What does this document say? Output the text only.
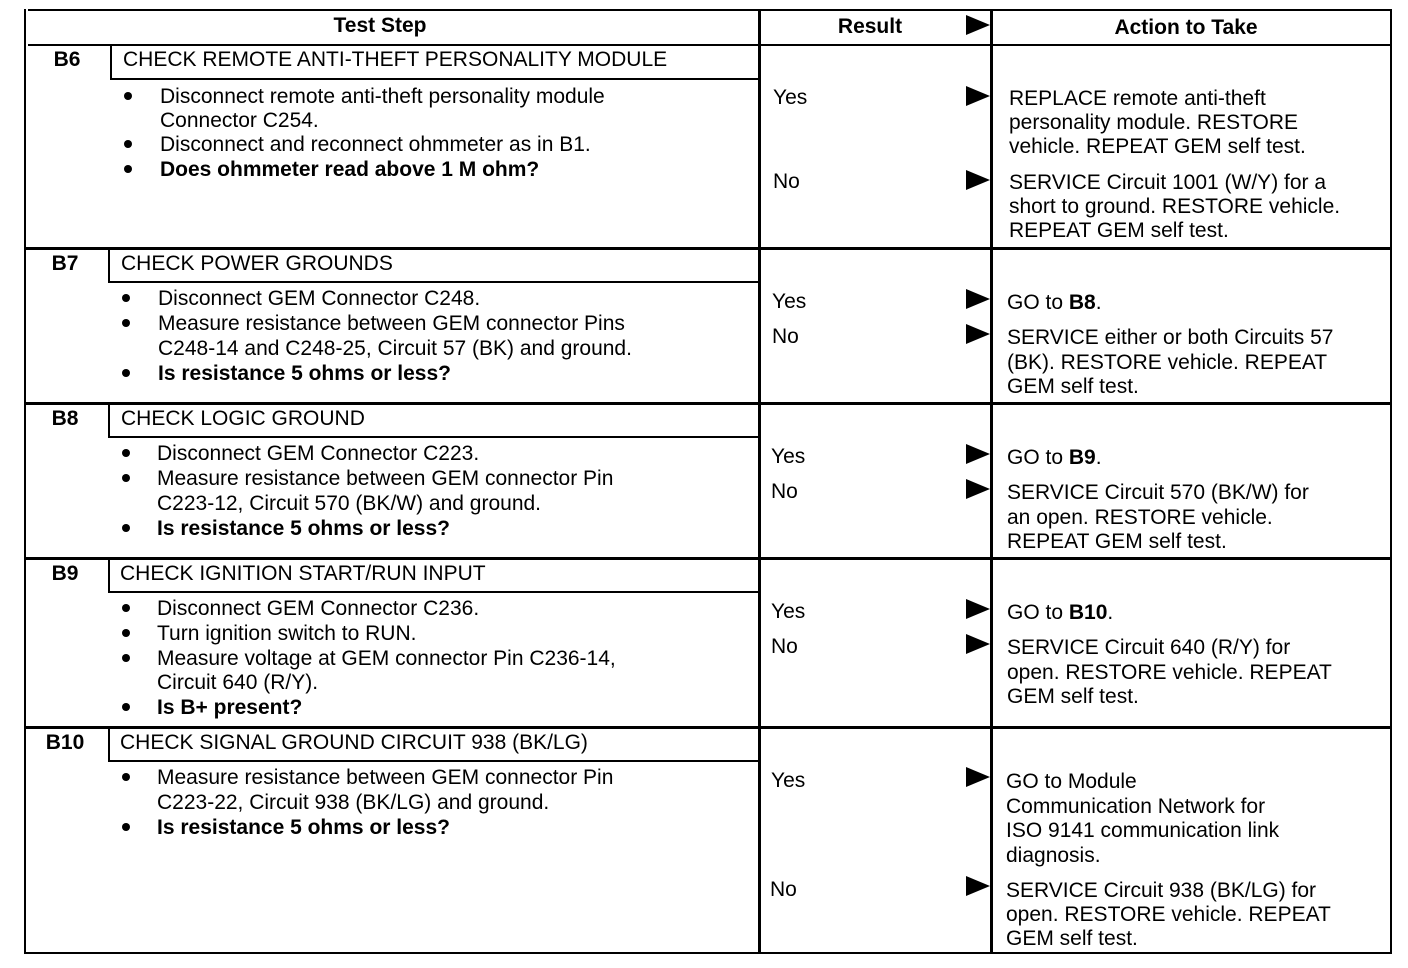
Test Step	Result	Action to Take
B6	CHECK REMOTE ANTI-THEFT PERSONALITY MODULE
Disconnect remote anti-theft personality module
Connector C254.
Disconnect and reconnect ohmmeter as in B1.
Does ohmmeter read above 1 M ohm?
Yes	REPLACE remote anti-theft
personality module. RESTORE
vehicle. REPEAT GEM self test.
No	SERVICE Circuit 1001 (W/Y) for a
short to ground. RESTORE vehicle.
REPEAT GEM self test.
B7	CHECK POWER GROUNDS
Disconnect GEM Connector C248.
Measure resistance between GEM connector Pins
C248-14 and C248-25, Circuit 57 (BK) and ground.
Is resistance 5 ohms or less?
Yes	GO to B8.
No	SERVICE either or both Circuits 57
(BK). RESTORE vehicle. REPEAT
GEM self test.
B8	CHECK LOGIC GROUND
Disconnect GEM Connector C223.
Measure resistance between GEM connector Pin
C223-12, Circuit 570 (BK/W) and ground.
Is resistance 5 ohms or less?
Yes	GO to B9.
No	SERVICE Circuit 570 (BK/W) for
an open. RESTORE vehicle.
REPEAT GEM self test.
B9	CHECK IGNITION START/RUN INPUT
Disconnect GEM Connector C236.
Turn ignition switch to RUN.
Measure voltage at GEM connector Pin C236-14,
Circuit 640 (R/Y).
Is B+ present?
Yes	GO to B10.
No	SERVICE Circuit 640 (R/Y) for
open. RESTORE vehicle. REPEAT
GEM self test.
B10	CHECK SIGNAL GROUND CIRCUIT 938 (BK/LG)
Measure resistance between GEM connector Pin
C223-22, Circuit 938 (BK/LG) and ground.
Is resistance 5 ohms or less?
Yes	GO to Module
Communication Network for
ISO 9141 communication link
diagnosis.
No	SERVICE Circuit 938 (BK/LG) for
open. RESTORE vehicle. REPEAT
GEM self test.
